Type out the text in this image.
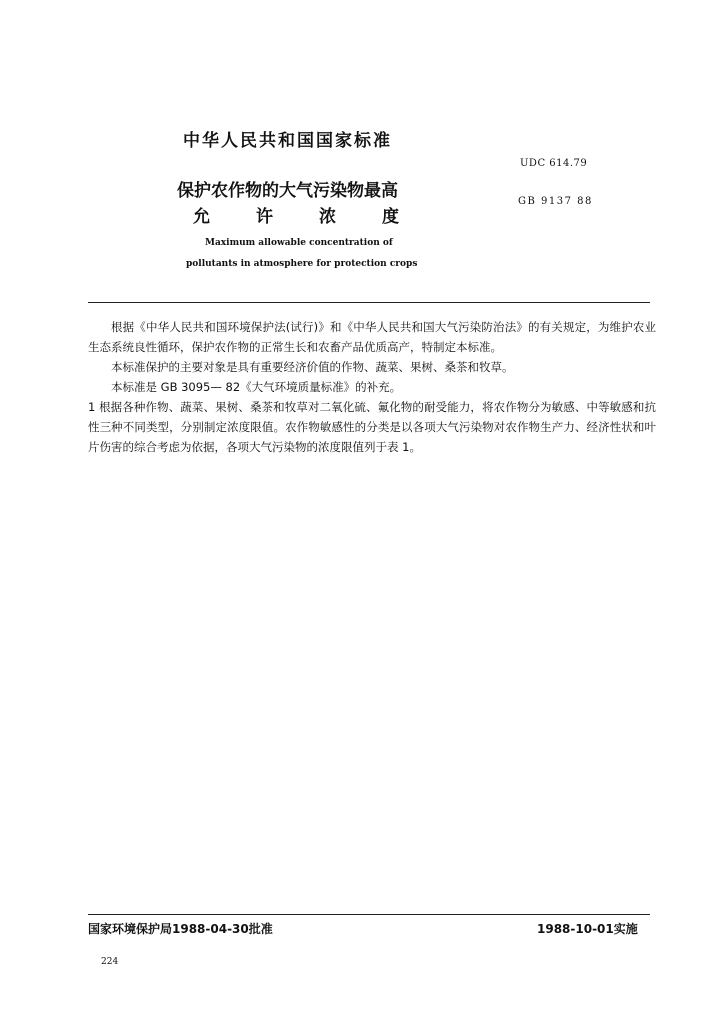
中华人民共和国国家标准
UDC 614.79
GB 9137 88
保护农作物的大气污染物最高
允许浓度
Maximum allowable concentration of
pollutants in atmosphere for protection crops

根据《中华人民共和国环境保护法(试行)》和《中华人民共和国大气污染防治法》的有关规定，为维护农业生态系统良性循环，保护农作物的正常生长和农畜产品优质高产，特制定本标准。

本标准保护的主要对象是具有重要经济价值的作物、蔬菜、果树、桑茶和牧草。

本标准是 GB 3095— 82《大气环境质量标准》的补充。

1 根据各种作物、蔬菜、果树、桑茶和牧草对二氧化硫、氟化物的耐受能力，将农作物分为敏感、中等敏感和抗性三种不同类型，分别制定浓度限值。农作物敏感性的分类是以各项大气污染物对农作物生产力、经济性状和叶片伤害的综合考虑为依据，各项大气污染物的浓度限值列于表 1。

国家环境保护局1988-04-30批准	1988-10-01实施
224
